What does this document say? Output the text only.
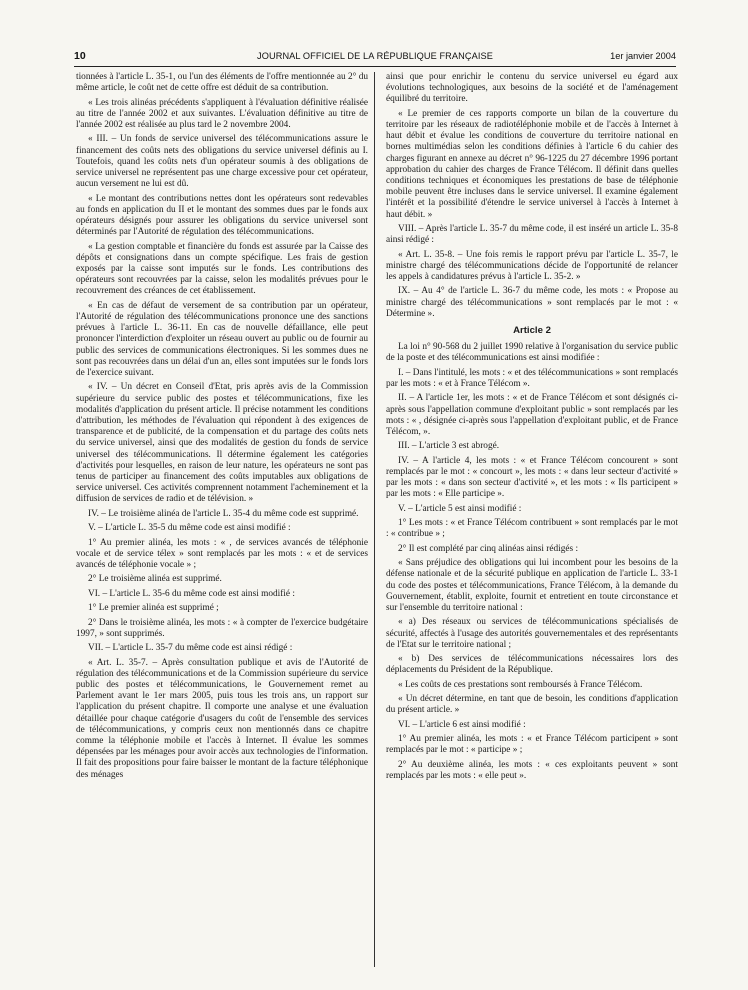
10	JOURNAL OFFICIEL DE LA RÉPUBLIQUE FRANÇAISE	1er janvier 2004

tionnées à l'article L. 35-1, ou l'un des éléments de l'offre mentionnée au 2° du même article, le coût net de cette offre est déduit de sa contribution.

« Les trois alinéas précédents s'appliquent à l'évaluation définitive réalisée au titre de l'année 2002 et aux suivantes. L'évaluation définitive au titre de l'année 2002 est réalisée au plus tard le 2 novembre 2004.

« III. – Un fonds de service universel des télécommunications assure le financement des coûts nets des obligations du service universel définis au I. Toutefois, quand les coûts nets d'un opérateur soumis à des obligations de service universel ne représentent pas une charge excessive pour cet opérateur, aucun versement ne lui est dû.

« Le montant des contributions nettes dont les opérateurs sont redevables au fonds en application du II et le montant des sommes dues par le fonds aux opérateurs désignés pour assurer les obligations du service universel sont déterminés par l'Autorité de régulation des télécommunications.

« La gestion comptable et financière du fonds est assurée par la Caisse des dépôts et consignations dans un compte spécifique. Les frais de gestion exposés par la caisse sont imputés sur le fonds. Les contributions des opérateurs sont recouvrées par la caisse, selon les modalités prévues pour le recouvrement des créances de cet établissement.

« En cas de défaut de versement de sa contribution par un opérateur, l'Autorité de régulation des télécommunications prononce une des sanctions prévues à l'article L. 36-11. En cas de nouvelle défaillance, elle peut prononcer l'interdiction d'exploiter un réseau ouvert au public ou de fournir au public des services de communications électroniques. Si les sommes dues ne sont pas recouvrées dans un délai d'un an, elles sont imputées sur le fonds lors de l'exercice suivant.

« IV. – Un décret en Conseil d'Etat, pris après avis de la Commission supérieure du service public des postes et télécommunications, fixe les modalités d'application du présent article. Il précise notamment les conditions d'attribution, les méthodes de l'évaluation qui répondent à des exigences de transparence et de publicité, de la compensation et du partage des coûts nets du service universel, ainsi que des modalités de gestion du fonds de service universel des télécommunications. Il détermine également les catégories d'activités pour lesquelles, en raison de leur nature, les opérateurs ne sont pas tenus de participer au financement des coûts imputables aux obligations de service universel. Ces activités comprennent notamment l'acheminement et la diffusion de services de radio et de télévision. »

IV. – Le troisième alinéa de l'article L. 35-4 du même code est supprimé.

V. – L'article L. 35-5 du même code est ainsi modifié :

1° Au premier alinéa, les mots : « , de services avancés de téléphonie vocale et de service télex » sont remplacés par les mots : « et de services avancés de téléphonie vocale » ;

2° Le troisième alinéa est supprimé.

VI. – L'article L. 35-6 du même code est ainsi modifié :

1° Le premier alinéa est supprimé ;

2° Dans le troisième alinéa, les mots : « à compter de l'exercice budgétaire 1997, » sont supprimés.

VII. – L'article L. 35-7 du même code est ainsi rédigé :

« Art. L. 35-7. – Après consultation publique et avis de l'Autorité de régulation des télécommunications et de la Commission supérieure du service public des postes et télécommunications, le Gouvernement remet au Parlement avant le 1er mars 2005, puis tous les trois ans, un rapport sur l'application du présent chapitre. Il comporte une analyse et une évaluation détaillée pour chaque catégorie d'usagers du coût de l'ensemble des services de télécommunications, y compris ceux non mentionnés dans ce chapitre comme la téléphonie mobile et l'accès à Internet. Il évalue les sommes dépensées par les ménages pour avoir accès aux technologies de l'information. Il fait des propositions pour faire baisser le montant de la facture téléphonique des ménages

ainsi que pour enrichir le contenu du service universel eu égard aux évolutions technologiques, aux besoins de la société et de l'aménagement équilibré du territoire.

« Le premier de ces rapports comporte un bilan de la couverture du territoire par les réseaux de radiotéléphonie mobile et de l'accès à Internet à haut débit et évalue les conditions de couverture du territoire national en bornes multimédias selon les conditions définies à l'article 6 du cahier des charges figurant en annexe au décret n° 96-1225 du 27 décembre 1996 portant approbation du cahier des charges de France Télécom. Il définit dans quelles conditions techniques et économiques les prestations de base de téléphonie mobile peuvent être incluses dans le service universel. Il examine également l'intérêt et la possibilité d'étendre le service universel à l'accès à Internet à haut débit. »

VIII. – Après l'article L. 35-7 du même code, il est inséré un article L. 35-8 ainsi rédigé :

« Art. L. 35-8. – Une fois remis le rapport prévu par l'article L. 35-7, le ministre chargé des télécommunications décide de l'opportunité de relancer les appels à candidatures prévus à l'article L. 35-2. »

IX. – Au 4° de l'article L. 36-7 du même code, les mots : « Propose au ministre chargé des télécommunications » sont remplacés par le mot : « Détermine ».

Article 2

La loi n° 90-568 du 2 juillet 1990 relative à l'organisation du service public de la poste et des télécommunications est ainsi modifiée :

I. – Dans l'intitulé, les mots : « et des télécommunications » sont remplacés par les mots : « et à France Télécom ».

II. – A l'article 1er, les mots : « et de France Télécom et sont désignés ci-après sous l'appellation commune d'exploitant public » sont remplacés par les mots : « , désignée ci-après sous l'appellation d'exploitant public, et de France Télécom, ».

III. – L'article 3 est abrogé.

IV. – A l'article 4, les mots : « et France Télécom concourent » sont remplacés par le mot : « concourt », les mots : « dans leur secteur d'activité » par les mots : « dans son secteur d'activité », et les mots : « Ils participent » par les mots : « Elle participe ».

V. – L'article 5 est ainsi modifié :

1° Les mots : « et France Télécom contribuent » sont remplacés par le mot : « contribue » ;

2° Il est complété par cinq alinéas ainsi rédigés :

« Sans préjudice des obligations qui lui incombent pour les besoins de la défense nationale et de la sécurité publique en application de l'article L. 33-1 du code des postes et télécommunications, France Télécom, à la demande du Gouvernement, établit, exploite, fournit et entretient en toute circonstance et sur l'ensemble du territoire national :

« a) Des réseaux ou services de télécommunications spécialisés de sécurité, affectés à l'usage des autorités gouvernementales et des représentants de l'Etat sur le territoire national ;

« b) Des services de télécommunications nécessaires lors des déplacements du Président de la République.

« Les coûts de ces prestations sont remboursés à France Télécom.

« Un décret détermine, en tant que de besoin, les conditions d'application du présent article. »

VI. – L'article 6 est ainsi modifié :

1° Au premier alinéa, les mots : « et France Télécom participent » sont remplacés par le mot : « participe » ;

2° Au deuxième alinéa, les mots : « ces exploitants peuvent » sont remplacés par les mots : « elle peut ».
